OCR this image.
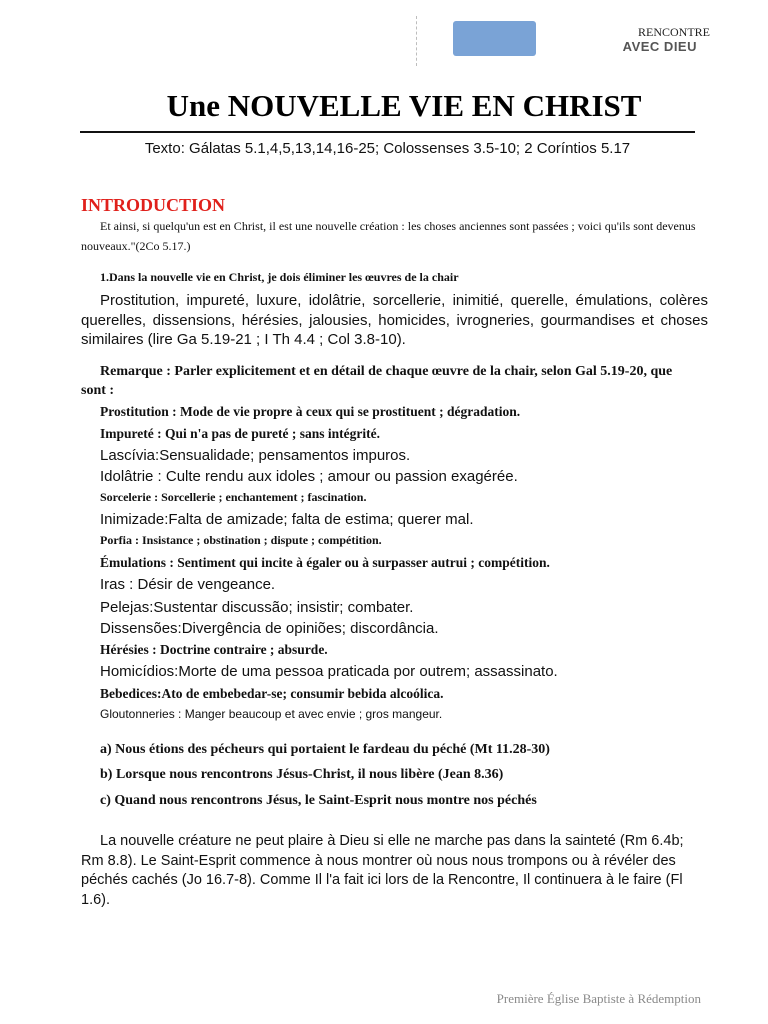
RENCONTRE
AVEC DIEU
Une NOUVELLE VIE EN CHRIST
Texto: Gálatas 5.1,4,5,13,14,16-25; Colossenses 3.5-10; 2 Coríntios 5.17
INTRODUCTION
Et ainsi, si quelqu'un est en Christ, il est une nouvelle création : les choses anciennes sont passées ; voici qu'ils sont devenus nouveaux."(2Co 5.17.)
1.Dans la nouvelle vie en Christ, je dois éliminer les œuvres de la chair
Prostitution, impureté, luxure, idolâtrie, sorcellerie, inimitié, querelle, émulations, colères querelles, dissensions, hérésies, jalousies, homicides, ivrogneries, gourmandises et choses similaires (lire Ga 5.19-21 ; I Th 4.4 ; Col 3.8-10).
Remarque : Parler explicitement et en détail de chaque œuvre de la chair, selon Gal 5.19-20, que sont :
Prostitution : Mode de vie propre à ceux qui se prostituent ; dégradation.
Impureté : Qui n'a pas de pureté ; sans intégrité.
Lascívia:Sensualidade; pensamentos impuros.
Idolâtrie : Culte rendu aux idoles ; amour ou passion exagérée.
Sorcelerie : Sorcellerie ; enchantement ; fascination.
Inimizade:Falta de amizade; falta de estima; querer mal.
Porfia : Insistance ; obstination ; dispute ; compétition.
Émulations : Sentiment qui incite à égaler ou à surpasser autrui ; compétition.
Iras : Désir de vengeance.
Pelejas:Sustentar discussão; insistir; combater.
Dissensões:Divergência de opiniões; discordância.
Hérésies : Doctrine contraire ; absurde.
Homicídios:Morte de uma pessoa praticada por outrem; assassinato.
Bebedices:Ato de embebedar-se; consumir bebida alcoólica.
Gloutonneries : Manger beaucoup et avec envie ; gros mangeur.
a) Nous étions des pécheurs qui portaient le fardeau du péché (Mt 11.28-30)
b) Lorsque nous rencontrons Jésus-Christ, il nous libère (Jean 8.36)
c) Quand nous rencontrons Jésus, le Saint-Esprit nous montre nos péchés
La nouvelle créature ne peut plaire à Dieu si elle ne marche pas dans la sainteté (Rm 6.4b; Rm 8.8). Le Saint-Esprit commence à nous montrer où nous nous trompons ou à révéler des péchés cachés (Jo 16.7-8). Comme Il l'a fait ici lors de la Rencontre, Il continuera à le faire (Fl 1.6).
Première Église Baptiste à Rédemption
